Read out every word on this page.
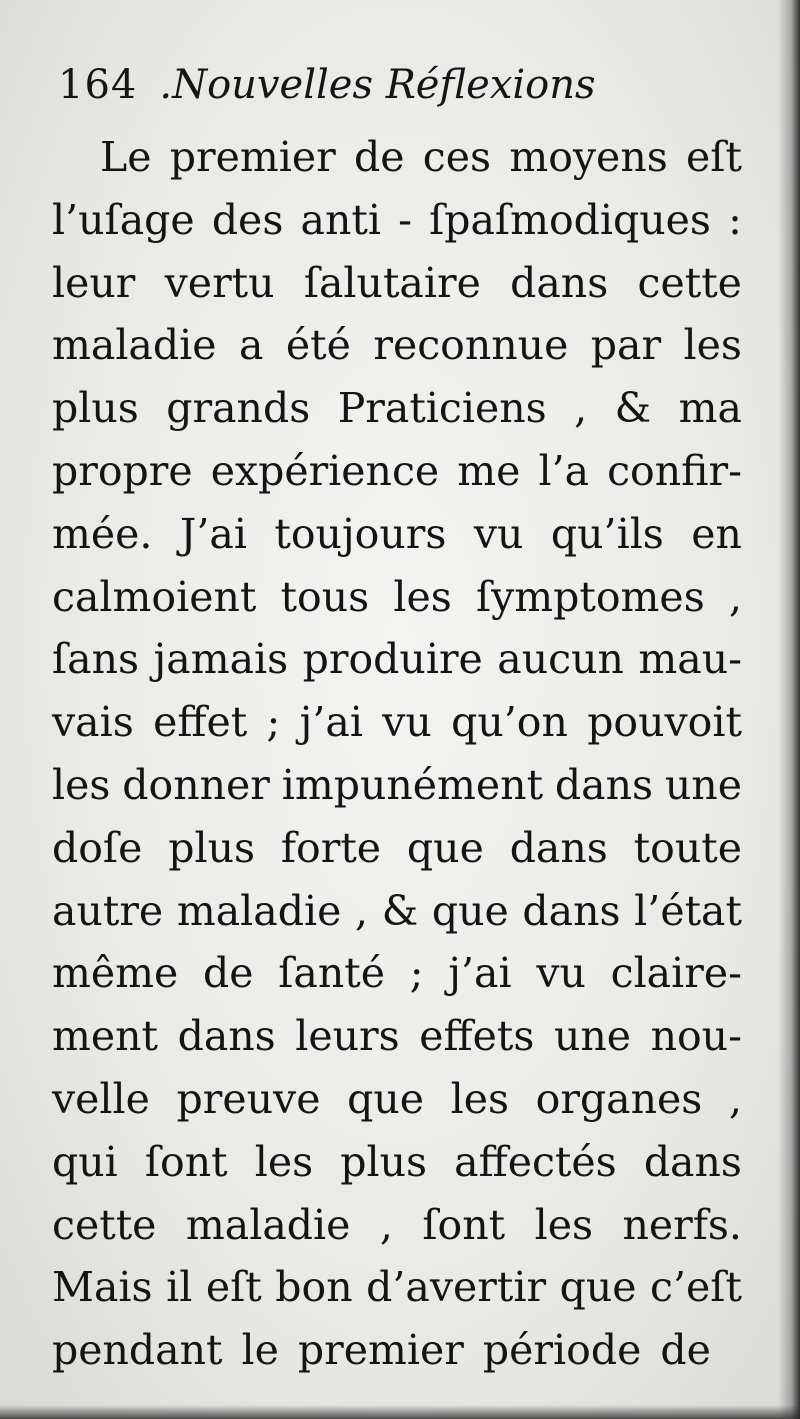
164 .Nouvelles Réflexions
Le premier de ces moyens eſt
l’uſage des anti - ſpaſmodiques :
leur vertu ſalutaire dans cette
maladie a été reconnue par les
plus grands Praticiens , & ma
propre expérience me l’a confir-
mée. J’ai toujours vu qu’ils en
calmoient tous les ſymptomes ,
ſans jamais produire aucun mau-
vais effet ; j’ai vu qu’on pouvoit
les donner impunément dans une
doſe plus forte que dans toute
autre maladie , & que dans l’état
même de ſanté ; j’ai vu claire-
ment dans leurs effets une nou-
velle preuve que les organes ,
qui ſont les plus affectés dans
cette maladie , ſont les nerfs.
Mais il eſt bon d’avertir que c’eſt
pendant le premier période de
